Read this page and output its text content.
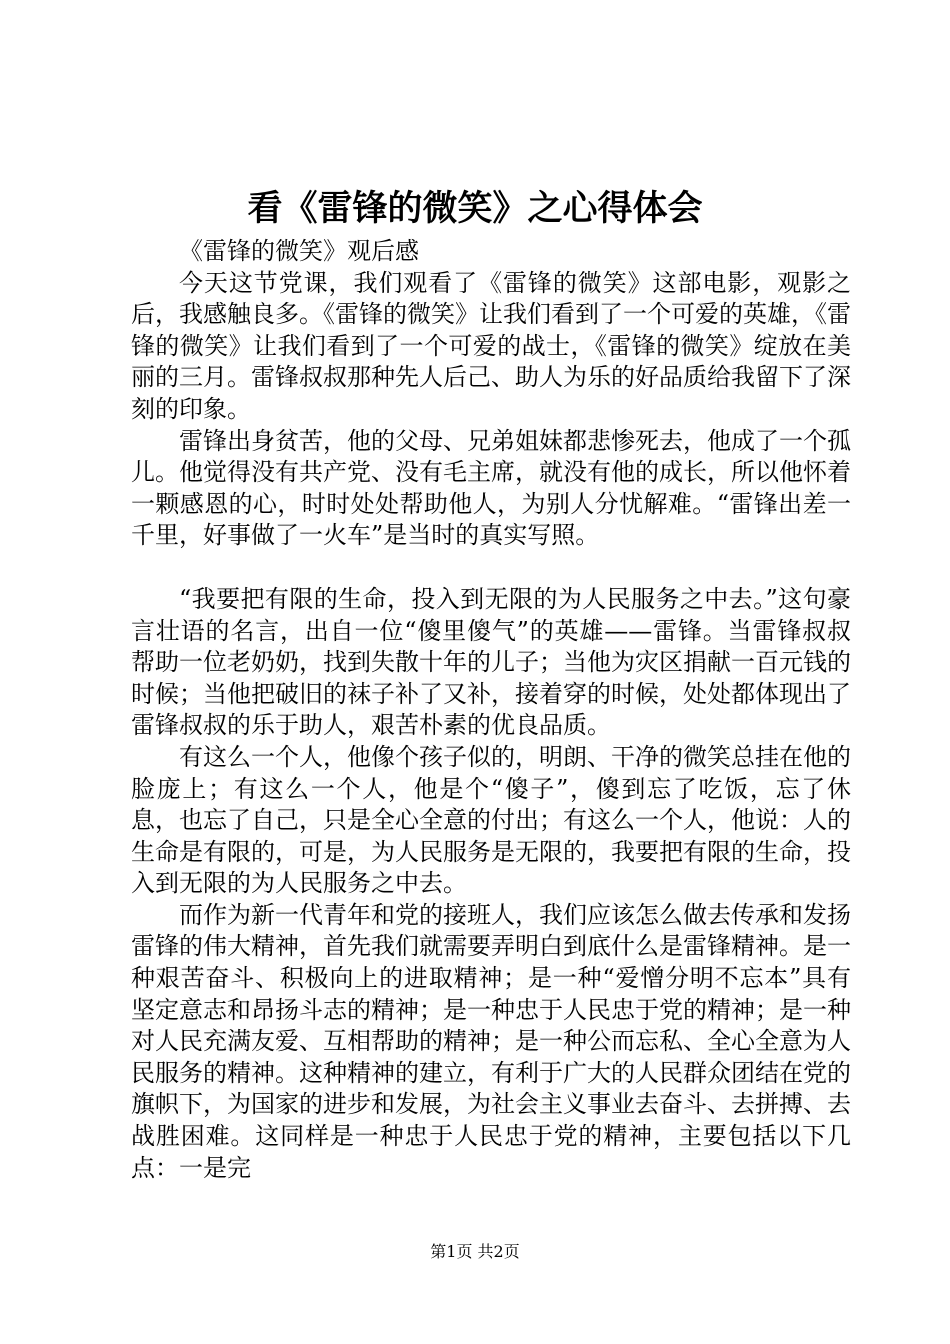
看《雷锋的微笑》之心得体会

《雷锋的微笑》观后感

今天这节党课，我们观看了《雷锋的微笑》这部电影，观影之后，我感触良多。《雷锋的微笑》让我们看到了一个可爱的英雄，《雷锋的微笑》让我们看到了一个可爱的战士，《雷锋的微笑》绽放在美丽的三月。雷锋叔叔那种先人后己、助人为乐的好品质给我留下了深刻的印象。

雷锋出身贫苦，他的父母、兄弟姐妹都悲惨死去，他成了一个孤儿。他觉得没有共产党、没有毛主席，就没有他的成长，所以他怀着一颗感恩的心，时时处处帮助他人，为别人分忧解难。“雷锋出差一千里，好事做了一火车”是当时的真实写照。

“我要把有限的生命，投入到无限的为人民服务之中去。”这句豪言壮语的名言，出自一位“傻里傻气”的英雄——雷锋。当雷锋叔叔帮助一位老奶奶，找到失散十年的儿子；当他为灾区捐献一百元钱的时候；当他把破旧的袜子补了又补，接着穿的时候，处处都体现出了雷锋叔叔的乐于助人，艰苦朴素的优良品质。

有这么一个人，他像个孩子似的，明朗、干净的微笑总挂在他的脸庞上；有这么一个人，他是个“傻子”，傻到忘了吃饭，忘了休息，也忘了自己，只是全心全意的付出；有这么一个人，他说：人的生命是有限的，可是，为人民服务是无限的，我要把有限的生命，投入到无限的为人民服务之中去。

而作为新一代青年和党的接班人，我们应该怎么做去传承和发扬雷锋的伟大精神，首先我们就需要弄明白到底什么是雷锋精神。是一种艰苦奋斗、积极向上的进取精神；是一种“爱憎分明不忘本”具有坚定意志和昂扬斗志的精神；是一种忠于人民忠于党的精神；是一种对人民充满友爱、互相帮助的精神；是一种公而忘私、全心全意为人民服务的精神。这种精神的建立，有利于广大的人民群众团结在党的旗帜下，为国家的进步和发展，为社会主义事业去奋斗、去拼搏、去战胜困难。这同样是一种忠于人民忠于党的精神，主要包括以下几点：一是完

第1页 共2页
